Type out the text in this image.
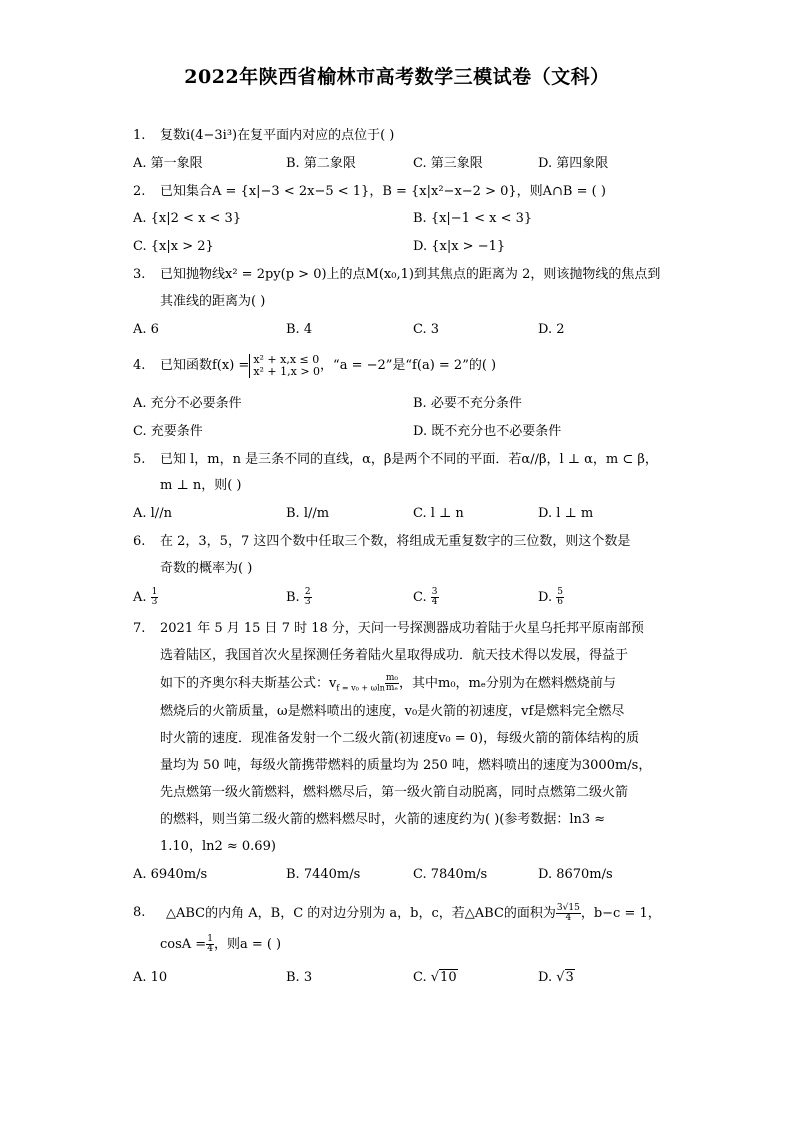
2022年陕西省榆林市高考数学三模试卷（文科）
1. 复数i(4−3i³)在复平面内对应的点位于( )
A. 第一象限	B. 第二象限	C. 第三象限	D. 第四象限
2. 已知集合A = {x|−3 < 2x−5 < 1}，B = {x|x²−x−2 > 0}，则A∩B = ( )
A. {x|2 < x < 3}	B. {x|−1 < x < 3}
C. {x|x > 2}	D. {x|x > −1}
3. 已知抛物线x² = 2py(p > 0)上的点M(x₀,1)到其焦点的距离为 2，则该抛物线的焦点到
其准线的距离为( )
A. 6	B. 4	C. 3	D. 2
4. 已知函数f(x) = x² + x,x ≤ 0
x² + 1,x > 0 ，“a = −2”是“f(a) = 2”的( )
A. 充分不必要条件	B. 必要不充分条件
C. 充要条件	D. 既不充分也不必要条件
5. 已知 l，m，n 是三条不同的直线，α，β是两个不同的平面．若α//β，l ⊥ α，m ⊂ β，
m ⊥ n，则( )
A. l//n	B. l//m	C. l ⊥ n	D. l ⊥ m
6. 在 2，3，5，7 这四个数中任取三个数，将组成无重复数字的三位数，则这个数是
奇数的概率为( )
A. $\frac{1}{3}$	B. $\frac{2}{3}$	C. $\frac{3}{4}$	D. $\frac{5}{6}$
7. 2021 年 5 月 15 日 7 时 18 分，天问一号探测器成功着陆于火星乌托邦平原南部预
选着陆区，我国首次火星探测任务着陆火星取得成功．航天技术得以发展，得益于
如下的齐奥尔科夫斯基公式：$v_{f = v_0 + \omega ln} \frac{\text{m₀}}{\text{mₑ}}$ ，其中m₀，mₑ分别为在燃料燃烧前与
燃烧后的火箭质量，ω是燃料喷出的速度，v₀是火箭的初速度，vf是燃料完全燃尽
时火箭的速度．现准备发射一个二级火箭(初速度v₀ = 0)，每级火箭的箭体结构的质
量均为 50 吨，每级火箭携带燃料的质量均为 250 吨，燃料喷出的速度为3000m/s，
先点燃第一级火箭燃料，燃料燃尽后，第一级火箭自动脱离，同时点燃第二级火箭
的燃料，则当第二级火箭的燃料燃尽时，火箭的速度约为( )(参考数据：ln3 ≈
1.10，ln2 ≈ 0.69)
A. 6940m/s	B. 7440m/s	C. 7840m/s	D. 8670m/s
8. △ABC的内角 A，B，C 的对边分别为 a，b，c，若△ABC的面积为 $\frac{3√15}{4}$ ，b−c = 1，
$\cos A = \frac{1}{4}$ ，则a = ( )
A. 10	B. 3	C. √10	D. √3
